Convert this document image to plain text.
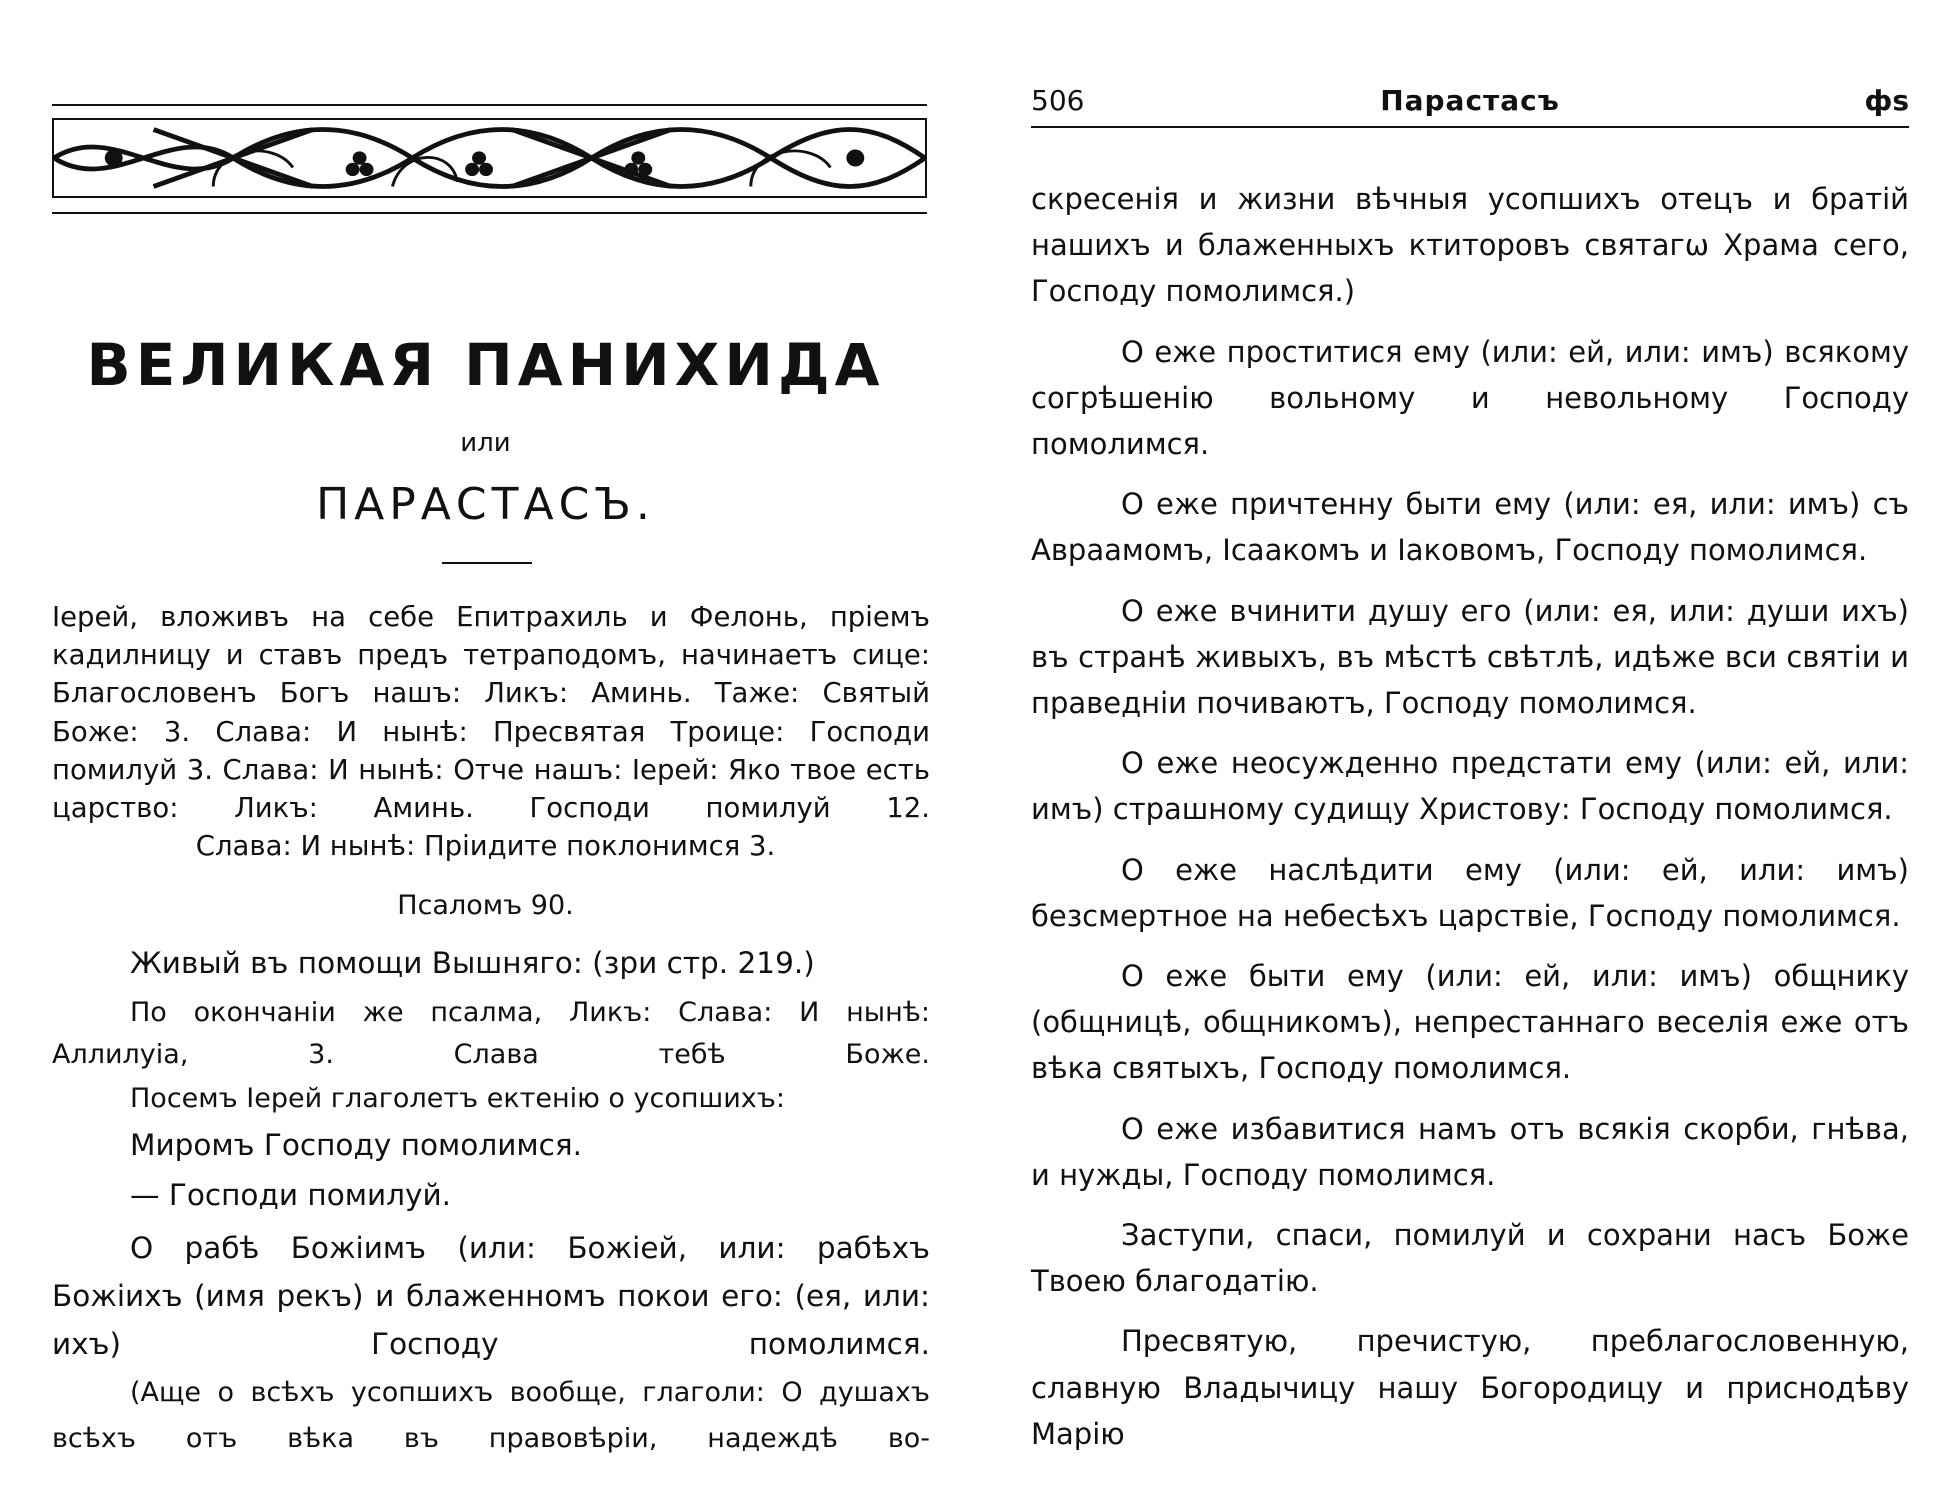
ВЕЛИКАЯ ПАНИХИДА
или
ПАРАСТАСЪ.
Іерей, вложивъ на себе Епитрахиль и Фелонь, пріемъ кадилницу и ставъ предъ тетраподомъ, начинаетъ сице: Благословенъ Богъ нашъ: Ликъ: Аминь. Таже: Святый Боже: 3. Слава: И нынѣ: Пресвятая Троице: Господи помилуй 3. Слава: И нынѣ: Отче нашъ: Іерей: Яко твое есть царство: Ликъ: Аминь. Господи помилуй 12.
Слава: И нынѣ: Пріидите поклонимся 3.
Псаломъ 90.
Живый въ помощи Вышняго: (зри стр. 219.)
По окончаніи же псалма, Ликъ: Слава: И нынѣ: Аллилуіа, 3. Слава тебѣ Боже.
Посемъ Іерей глаголетъ ектенію о усопшихъ:
Миромъ Господу помолимся.
— Господи помилуй.
О рабѣ Божіимъ (или: Божіей, или: рабѣхъ Божіихъ (имя рекъ) и блаженномъ покои его: (ея, или: ихъ) Господу помолимся.
(Аще о всѣхъ усопшихъ вообще, глаголи: О душахъ всѣхъ отъ вѣка въ правовѣріи, надеждѣ во-
506	Парастасъ	фѕ

скресенія и жизни вѣчныя усопшихъ отецъ и братій нашихъ и блаженныхъ ктиторовъ святагω Храма сего, Господу помолимся.)

О еже проститися ему (или: ей, или: имъ) всякому согрѣшенію вольному и невольному Господу помолимся.

О еже причтенну быти ему (или: ея, или: имъ) съ Авраамомъ, Ісаакомъ и Іаковомъ, Господу помолимся.

О еже вчинити душу его (или: ея, или: души ихъ) въ странѣ живыхъ, въ мѣстѣ свѣтлѣ, идѣже вси святіи и праведніи почиваютъ, Господу помолимся.

О еже неосужденно предстати ему (или: ей, или: имъ) страшному судищу Христову: Господу помолимся.

О еже наслѣдити ему (или: ей, или: имъ) безсмертное на небесѣхъ царствіе, Господу помолимся.

О еже быти ему (или: ей, или: имъ) общнику (общницѣ, общникомъ), непрестаннаго веселія еже отъ вѣка святыхъ, Господу помолимся.

О еже избавитися намъ отъ всякія скорби, гнѣва, и нужды, Господу помолимся.

Заступи, спаси, помилуй и сохрани насъ Боже Твоею благодатію.

Пресвятую, пречистую, преблагословенную, славную Владычицу нашу Богородицу и приснодѣву Марію
